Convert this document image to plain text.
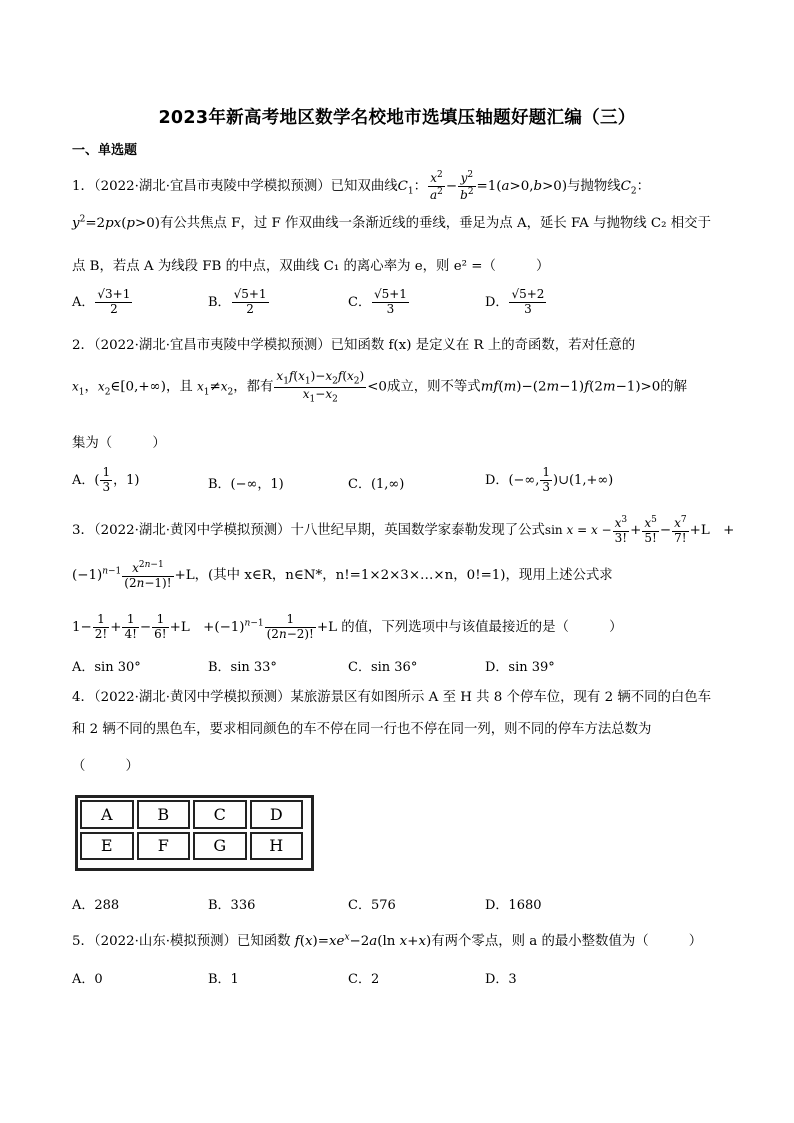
2023年新高考地区数学名校地市选填压轴题好题汇编（三）
一、单选题
1．（2022·湖北·宜昌市夷陵中学模拟预测）已知双曲线$C_1$： $\frac{x^2}{a^2} - \frac{y^2}{b^2} =1(a>0,b>0)$与抛物线$C_2$：
$y^2=2px(p>0)$有公共焦点 F，过 F 作双曲线一条渐近线的垂线，垂足为点 A，延长 FA 与抛物线 C₂ 相交于
点 B，若点 A 为线段 FB 的中点，双曲线 C₁ 的离心率为 e，则 e² =（　　　）
A． $\frac{√3+1}{2}$	B． $\frac{√5+1}{2}$	C． $\frac{√5+1}{3}$	D． $\frac{√5+2}{3}$
2．（2022·湖北·宜昌市夷陵中学模拟预测）已知函数 f(x) 是定义在 R 上的奇函数，若对任意的
$x_1$，$x_2\in[0,+\infty)$，且 $x_1\ne x_2$，都有 $\frac{x_1f(x_1)-x_2f(x_2)}{x_1-x_2} <0$成立，则不等式mf(m)−(2m−1)f(2m−1)>0的解
集为（　　　）
A．( $\frac{1}{3}$ ，1)	B．(−∞，1)	C．(1,∞)	D．(−∞, $\frac{1}{3}$ )∪(1,+∞)
3．（2022·湖北·黄冈中学模拟预测）十八世纪早期，英国数学家泰勒发现了公式$\sin x = x - \frac{x^3}{3!} + \frac{x^5}{5!} - \frac{x^7}{7!} +L$　+
$(-1)^{n-1} \frac{x^{2n-1}}{(2n-1)!} +L$，(其中 x∈R，n∈N*，n!=1×2×3×…×n，0!=1)，现用上述公式求
$1- \frac{1}{2!} + \frac{1}{4!} - \frac{1}{6!} +L$　$+(-1)^{n-1} \frac{1}{(2n-2)!} +L$ 的值，下列选项中与该值最接近的是（　　　）
A．sin 30°	B．sin 33°	C．sin 36°	D．sin 39°
4．（2022·湖北·黄冈中学模拟预测）某旅游景区有如图所示 A 至 H 共 8 个停车位，现有 2 辆不同的白色车
和 2 辆不同的黑色车，要求相同颜色的车不停在同一行也不停在同一列，则不同的停车方法总数为
（　　　）
A	B	C	D
E	F	G	H
A．288	B．336	C．576	D．1680
5．（2022·山东·模拟预测）已知函数 $f(x)=xe^x-2a(\ln$ x+x)有两个零点，则 a 的最小整数值为（　　　）
A．0	B．1	C．2	D．3
